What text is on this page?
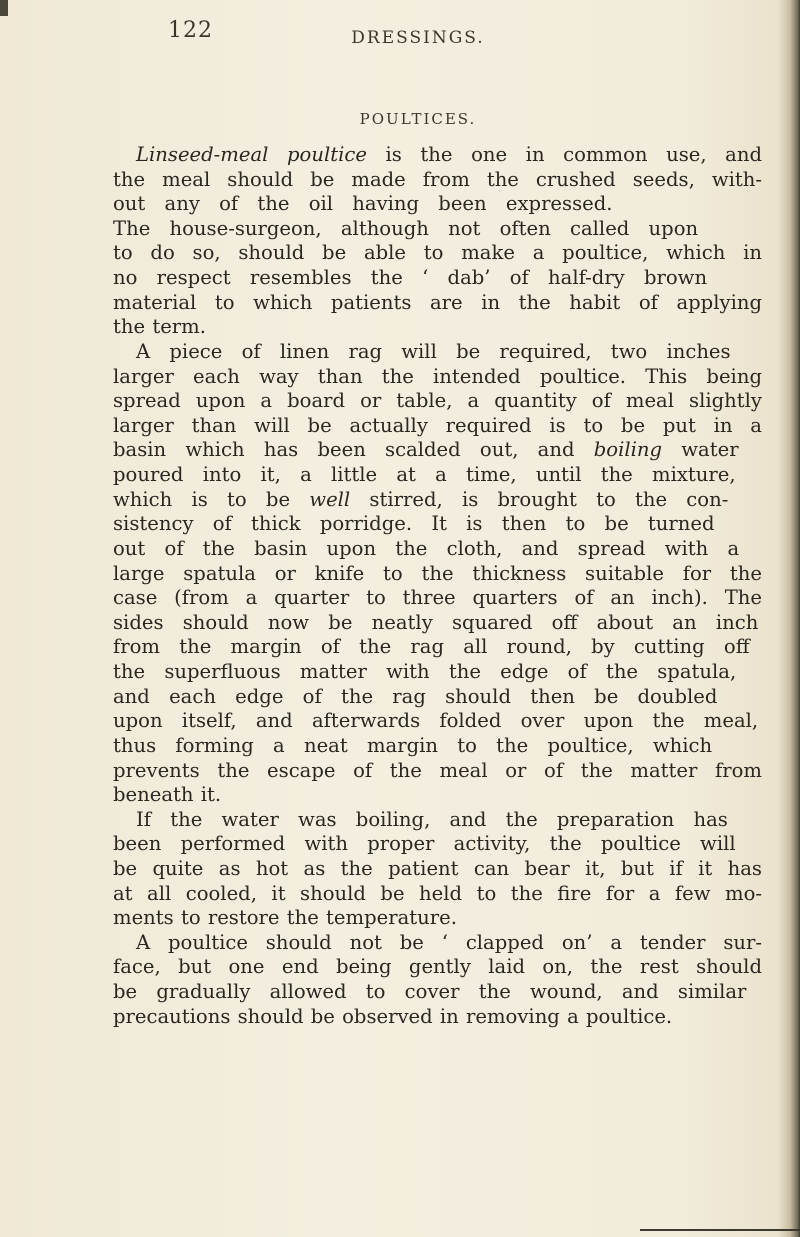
122	DRESSINGS.
POULTICES.
Linseed-meal poultice is the one in common use, and
the meal should be made from the crushed seeds, with-
out any of the oil having been expressed.
The house-surgeon, although not often called upon
to do so, should be able to make a poultice, which in
no respect resembles the ‘ dab’ of half-dry brown
material to which patients are in the habit of applying
the term.
A piece of linen rag will be required, two inches
larger each way than the intended poultice. This being
spread upon a board or table, a quantity of meal slightly
larger than will be actually required is to be put in a
basin which has been scalded out, and boiling water
poured into it, a little at a time, until the mixture,
which is to be well stirred, is brought to the con-
sistency of thick porridge. It is then to be turned
out of the basin upon the cloth, and spread with a
large spatula or knife to the thickness suitable for the
case (from a quarter to three quarters of an inch). The
sides should now be neatly squared off about an inch
from the margin of the rag all round, by cutting off
the superfluous matter with the edge of the spatula,
and each edge of the rag should then be doubled
upon itself, and afterwards folded over upon the meal,
thus forming a neat margin to the poultice, which
prevents the escape of the meal or of the matter from
beneath it.
If the water was boiling, and the preparation has
been performed with proper activity, the poultice will
be quite as hot as the patient can bear it, but if it has
at all cooled, it should be held to the fire for a few mo-
ments to restore the temperature.
A poultice should not be ‘ clapped on’ a tender sur-
face, but one end being gently laid on, the rest should
be gradually allowed to cover the wound, and similar
precautions should be observed in removing a poultice.
